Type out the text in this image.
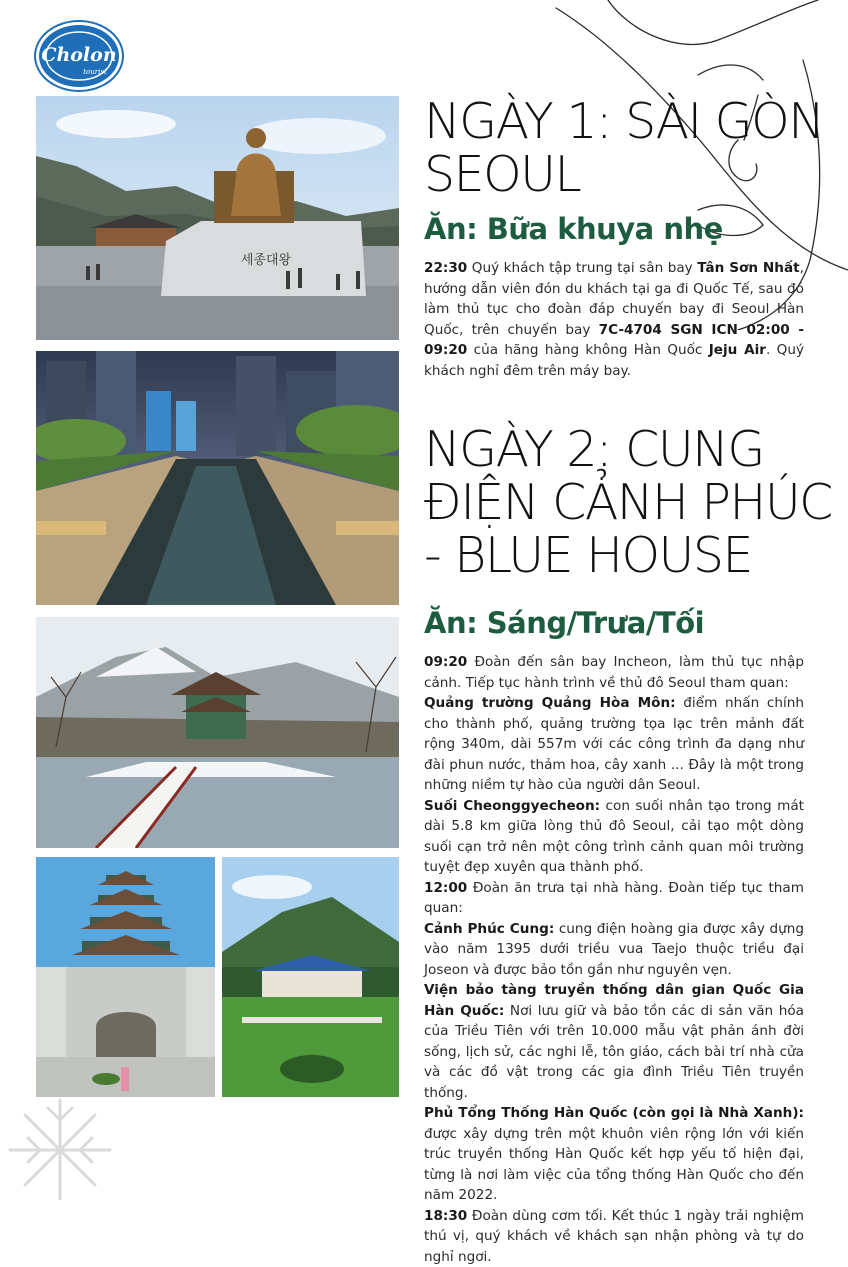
Cholon
tourist
세종대왕
NGÀY 1: SÀI GÒN
SEOUL
Ăn: Bữa khuya nhẹ
22:30 Quý khách tập trung tại sân bay Tân Sơn Nhất, hướng dẫn viên đón du khách tại ga đi Quốc Tế, sau đó làm thủ tục cho đoàn đáp chuyến bay đi Seoul Hàn Quốc, trên chuyến bay 7C-4704 SGN ICN 02:00 - 09:20 của hãng hàng không Hàn Quốc Jeju Air. Quý khách nghỉ đêm trên máy bay.
NGÀY 2: CUNG
ĐIỆN CẢNH PHÚC
- BLUE HOUSE
Ăn: Sáng/Trưa/Tối

09:20 Đoàn đến sân bay Incheon, làm thủ tục nhập cảnh. Tiếp tục hành trình về thủ đô Seoul tham quan:

Quảng trường Quảng Hòa Môn: điểm nhấn chính cho thành phố, quảng trường tọa lạc trên mảnh đất rộng 340m, dài 557m với các công trình đa dạng như đài phun nước, thảm hoa, cây xanh ... Đây là một trong những niềm tự hào của người dân Seoul.

Suối Cheonggyecheon: con suối nhân tạo trong mát dài 5.8 km giữa lòng thủ đô Seoul, cải tạo một dòng suối cạn trở nên một công trình cảnh quan môi trường tuyệt đẹp xuyên qua thành phố.

12:00 Đoàn ăn trưa tại nhà hàng. Đoàn tiếp tục tham quan:

Cảnh Phúc Cung: cung điện hoàng gia được xây dựng vào năm 1395 dưới triều vua Taejo thuộc triều đại Joseon và được bảo tồn gần như nguyên vẹn.

Viện bảo tàng truyền thống dân gian Quốc Gia Hàn Quốc: Nơi lưu giữ và bảo tồn các di sản văn hóa của Triều Tiên với trên 10.000 mẫu vật phản ánh đời sống, lịch sử, các nghi lễ, tôn giáo, cách bài trí nhà cửa và các đồ vật trong các gia đình Triều Tiên truyền thống.

Phủ Tổng Thống Hàn Quốc (còn gọi là Nhà Xanh): được xây dựng trên một khuôn viên rộng lớn với kiến trúc truyền thống Hàn Quốc kết hợp yếu tố hiện đại, từng là nơi làm việc của tổng thống Hàn Quốc cho đến năm 2022.

18:30 Đoàn dùng cơm tối. Kết thúc 1 ngày trải nghiệm thú vị, quý khách về khách sạn nhận phòng và tự do nghỉ ngơi.
